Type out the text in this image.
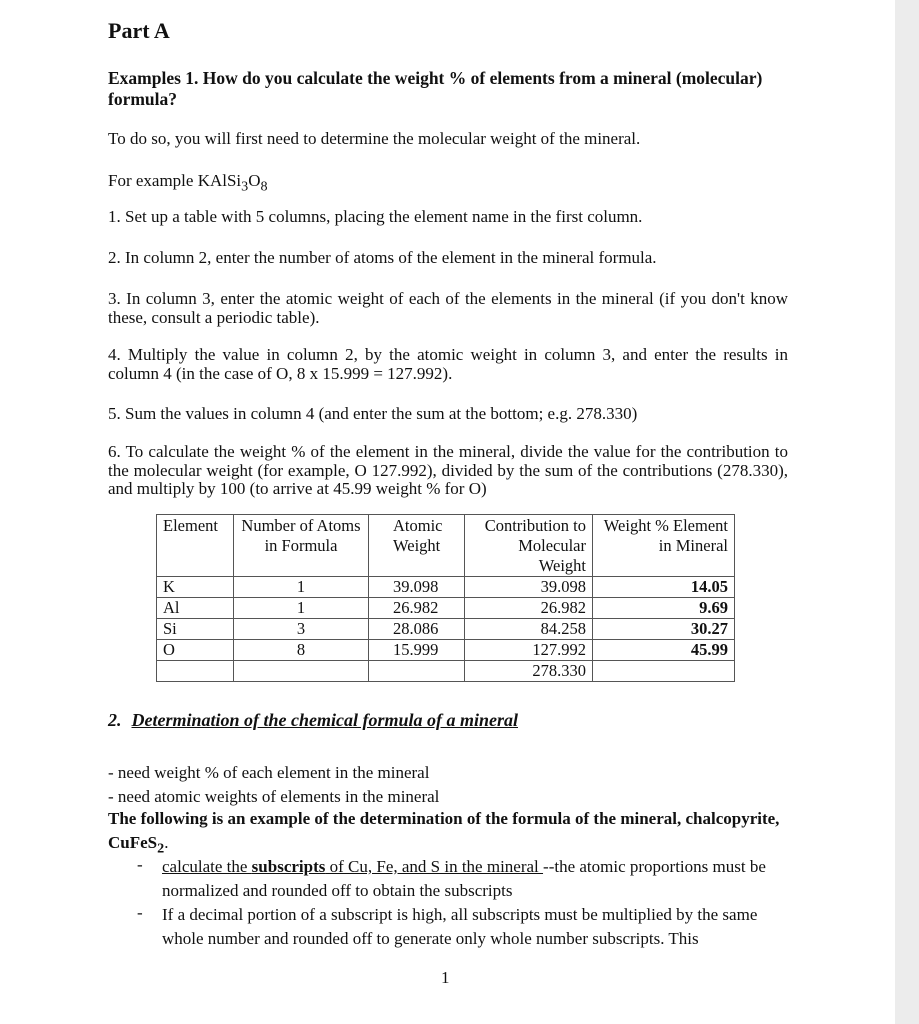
Part A
Examples 1. How do you calculate the weight % of elements from a mineral (molecular) formula?
To do so, you will first need to determine the molecular weight of the mineral.
For example $KAlSi_3O_8$
1. Set up a table with 5 columns, placing the element name in the first column.
2. In column 2, enter the number of atoms of the element in the mineral formula.
3. In column 3, enter the atomic weight of each of the elements in the mineral (if you don't know these, consult a periodic table).
4. Multiply the value in column 2, by the atomic weight in column 3, and enter the results in column 4 (in the case of O, 8 x 15.999 = 127.992).
5. Sum the values in column 4 (and enter the sum at the bottom; e.g. 278.330)
6. To calculate the weight % of the element in the mineral, divide the value for the contribution to the molecular weight (for example, O 127.992), divided by the sum of the contributions (278.330), and multiply by 100 (to arrive at 45.99 weight % for O)
Element	Number of Atoms in Formula	Atomic Weight	Contribution to Molecular Weight	Weight % Element in Mineral
K	1	39.098	39.098	14.05
Al	1	26.982	26.982	9.69
Si	3	28.086	84.258	30.27
O	8	15.999	127.992	45.99
			278.330	
2. Determination of the chemical formula of a mineral
- need weight % of each element in the mineral
- need atomic weights of elements in the mineral
The following is an example of the determination of the formula of the mineral, chalcopyrite, CuFeS$_2$.
- calculate the subscripts of Cu, Fe, and S in the mineral --the atomic proportions must be normalized and rounded off to obtain the subscripts
- If a decimal portion of a subscript is high, all subscripts must be multiplied by the same whole number and rounded off to generate only whole number subscripts. This
1
